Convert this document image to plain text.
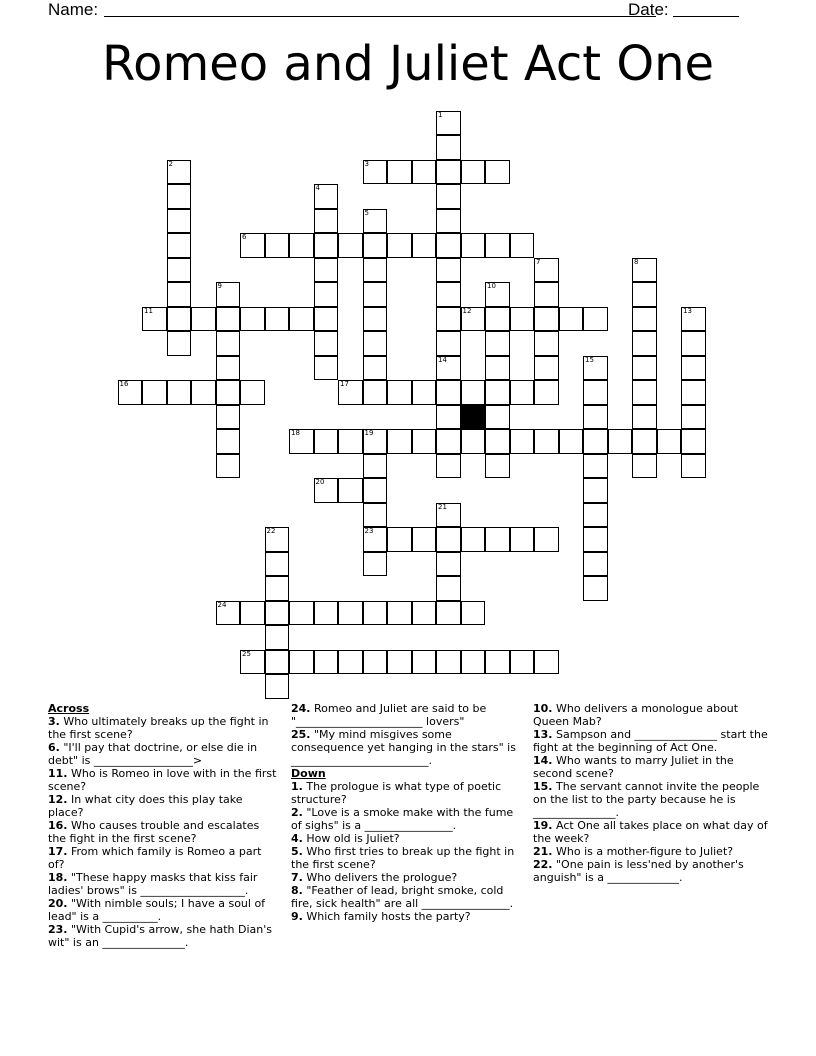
Name:	Date:
Romeo and Juliet Act One
3
6
11	12
16	17
18	19
20
23
24
25
1
2
4
5
7	8
9	10
13
14	15
21
22
Across
3. Who ultimately breaks up the fight in the first scene?
6. "I'll pay that doctrine, or else die in debt" is __________________>
11. Who is Romeo in love with in the first scene?
12. In what city does this play take place?
16. Who causes trouble and escalates the fight in the first scene?
17. From which family is Romeo a part of?
18. "These happy masks that kiss fair ladies' brows" is ___________________.
20. "With nimble souls; I have a soul of lead" is a __________.
23. "With Cupid's arrow, she hath Dian's wit" is an _______________.
24. Romeo and Juliet are said to be "_______________________ lovers"
25. "My mind misgives some consequence yet hanging in the stars" is _________________________.
Down
1. The prologue is what type of poetic structure?
2. "Love is a smoke make with the fume of sighs" is a ________________.
4. How old is Juliet?
5. Who first tries to break up the fight in the first scene?
7. Who delivers the prologue?
8. "Feather of lead, bright smoke, cold fire, sick health" are all ________________.
9. Which family hosts the party?
10. Who delivers a monologue about Queen Mab?
13. Sampson and _______________ start the fight at the beginning of Act One.
14. Who wants to marry Juliet in the second scene?
15. The servant cannot invite the people on the list to the party because he is _______________.
19. Act One all takes place on what day of the week?
21. Who is a mother-figure to Juliet?
22. "One pain is less'ned by another's anguish" is a _____________.
